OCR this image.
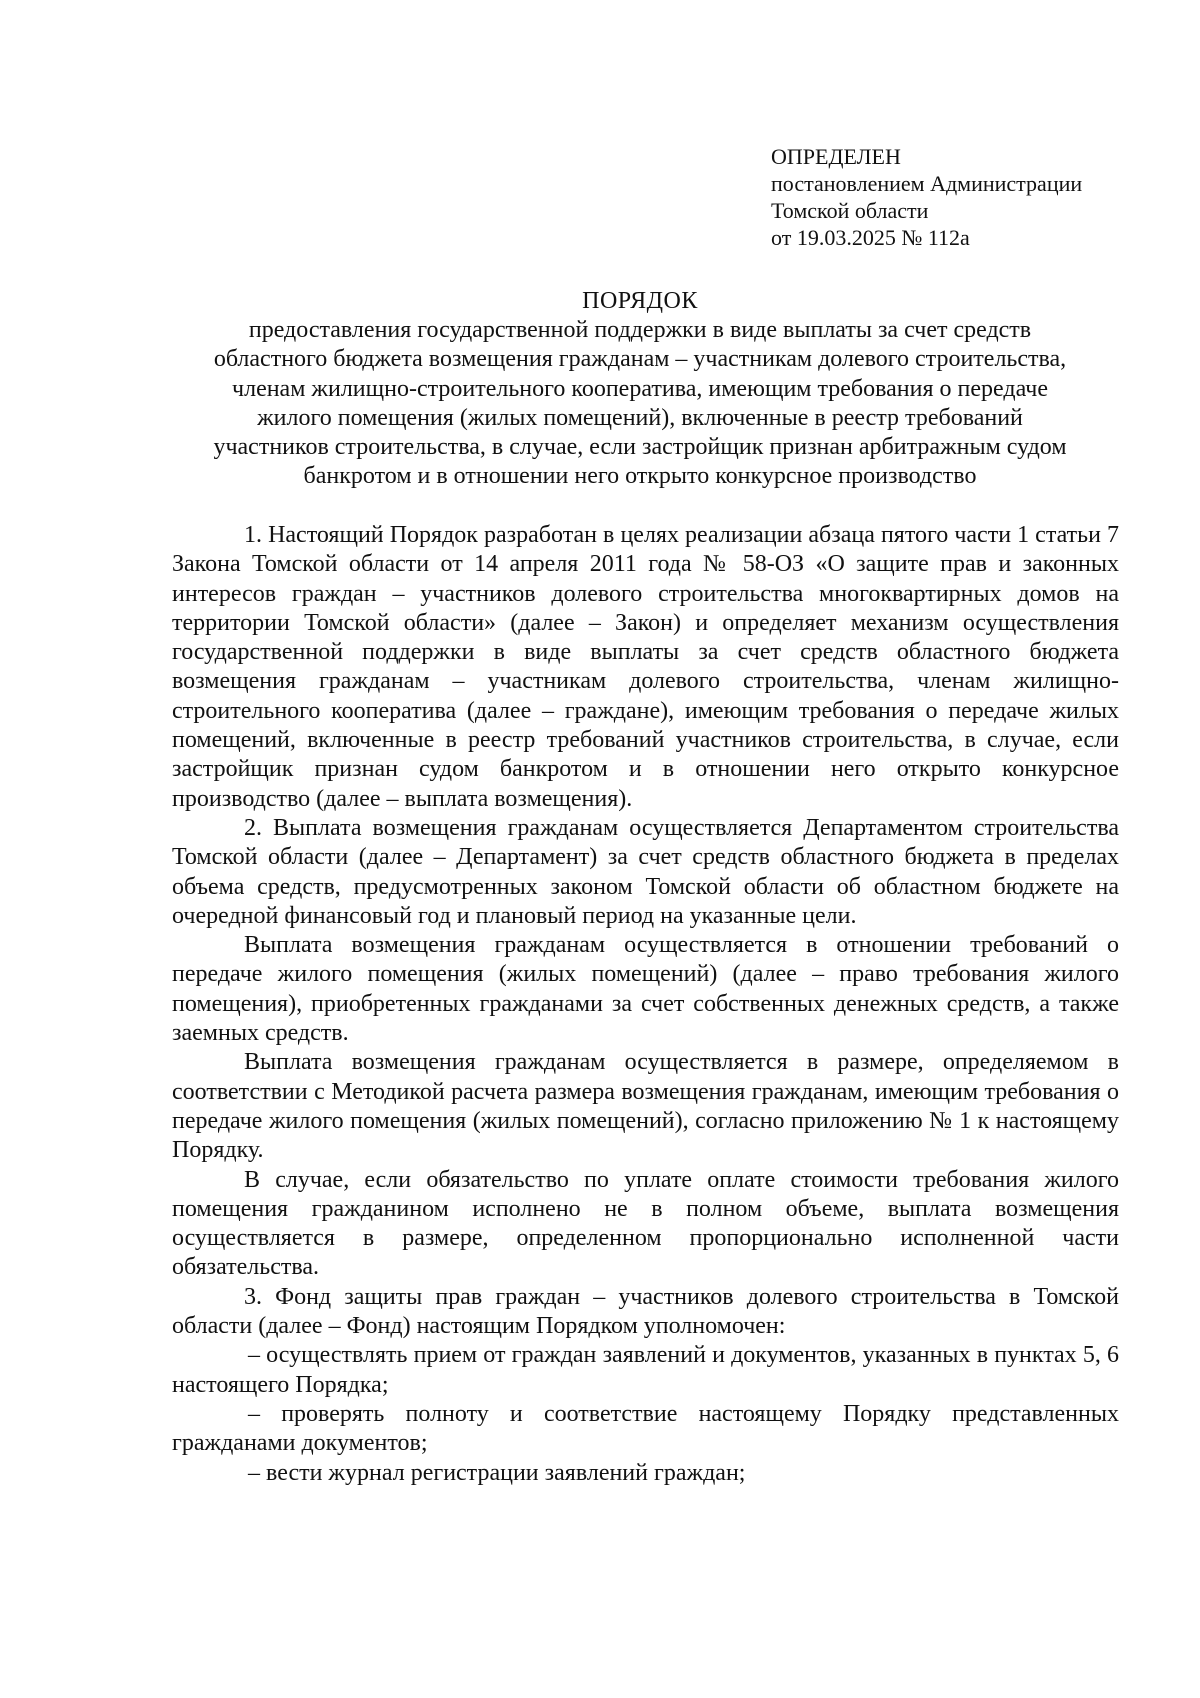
ОПРЕДЕЛЕН
постановлением Администрации
Томской области
от 19.03.2025 № 112а
ПОРЯДОК
предоставления государственной поддержки в виде выплаты за счет средств
областного бюджета возмещения гражданам – участникам долевого строительства,
членам жилищно-строительного кооператива, имеющим требования о передаче
жилого помещения (жилых помещений), включенные в реестр требований
участников строительства, в случае, если застройщик признан арбитражным судом
банкротом и в отношении него открыто конкурсное производство

1. Настоящий Порядок разработан в целях реализации абзаца пятого части 1 статьи 7 Закона Томской области от 14 апреля 2011 года № 58-ОЗ «О защите прав и законных интересов граждан – участников долевого строительства многоквартирных домов на территории Томской области» (далее – Закон) и определяет механизм осуществления государственной поддержки в виде выплаты за счет средств областного бюджета возмещения гражданам – участникам долевого строительства, членам жилищно-строительного кооператива (далее – граждане), имеющим требования о передаче жилых помещений, включенные в реестр требований участников строительства, в случае, если застройщик признан судом банкротом и в отношении него открыто конкурсное производство (далее – выплата возмещения).

2. Выплата возмещения гражданам осуществляется Департаментом строительства Томской области (далее – Департамент) за счет средств областного бюджета в пределах объема средств, предусмотренных законом Томской области об областном бюджете на очередной финансовый год и плановый период на указанные цели.

Выплата возмещения гражданам осуществляется в отношении требований о передаче жилого помещения (жилых помещений) (далее – право требования жилого помещения), приобретенных гражданами за счет собственных денежных средств, а также заемных средств.

Выплата возмещения гражданам осуществляется в размере, определяемом в соответствии с Методикой расчета размера возмещения гражданам, имеющим требования о передаче жилого помещения (жилых помещений), согласно приложению № 1 к настоящему Порядку.

В случае, если обязательство по уплате оплате стоимости требования жилого помещения гражданином исполнено не в полном объеме, выплата возмещения осуществляется в размере, определенном пропорционально исполненной части обязательства.

3. Фонд защиты прав граждан – участников долевого строительства в Томской области (далее – Фонд) настоящим Порядком уполномочен:

– осуществлять прием от граждан заявлений и документов, указанных в пунктах 5, 6 настоящего Порядка;

– проверять полноту и соответствие настоящему Порядку представленных гражданами документов;

– вести журнал регистрации заявлений граждан;
